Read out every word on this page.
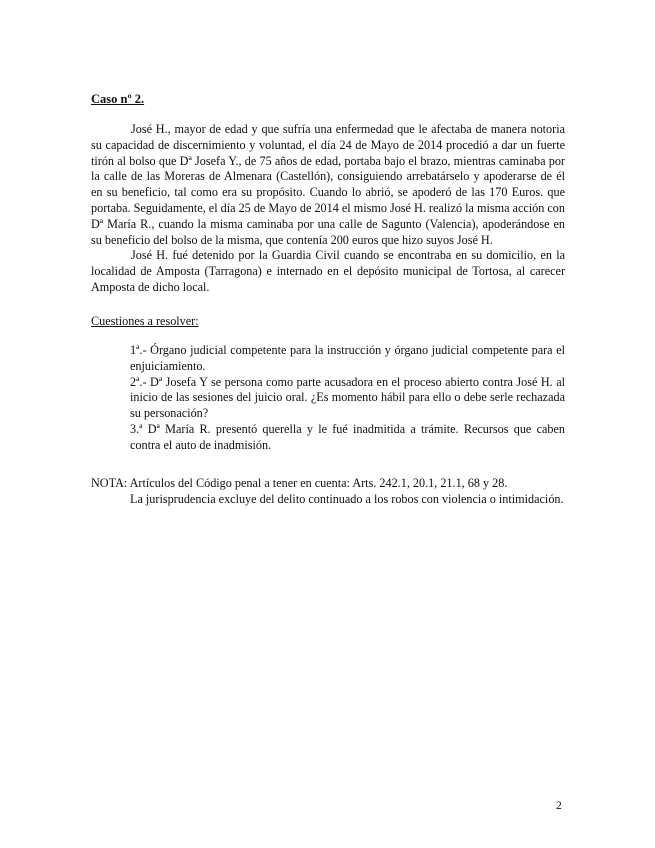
Caso nº 2.

José H., mayor de edad y que sufría una enfermedad que le afectaba de manera notoria su capacidad de discernimiento y voluntad, el día 24 de Mayo de 2014 procedió a dar un fuerte tirón al bolso que Dª Josefa Y., de 75 años de edad, portaba bajo el brazo, mientras caminaba por la calle de las Moreras de Almenara (Castellón), consiguiendo arrebatárselo y apoderarse de él en su beneficio, tal como era su propósito. Cuando lo abrió, se apoderó de las 170 Euros. que portaba. Seguidamente, el día 25 de Mayo de 2014 el mismo José H. realizó la misma acción con Dª María R., cuando la misma caminaba por una calle de Sagunto (Valencia), apoderándose en su beneficio del bolso de la misma, que contenía 200 euros que hizo suyos José H.

José H. fué detenido por la Guardia Civil cuando se encontraba en su domicilio, en la localidad de Amposta (Tarragona) e internado en el depósito municipal de Tortosa, al carecer Amposta de dicho local.

Cuestiones a resolver:

1ª.- Órgano judicial competente para la instrucción y órgano judicial competente para el enjuiciamiento.

2ª.- Dª Josefa Y se persona como parte acusadora en el proceso abierto contra José H. al inicio de las sesiones del juicio oral. ¿Es momento hábil para ello o debe serle rechazada su personación?

3.ª Dª María R. presentó querella y le fué inadmitida a trámite. Recursos que caben contra el auto de inadmisión.

NOTA: Artículos del Código penal a tener en cuenta: Arts. 242.1, 20.1, 21.1, 68 y 28.

La jurisprudencia excluye del delito continuado a los robos con violencia o intimidación.

2
